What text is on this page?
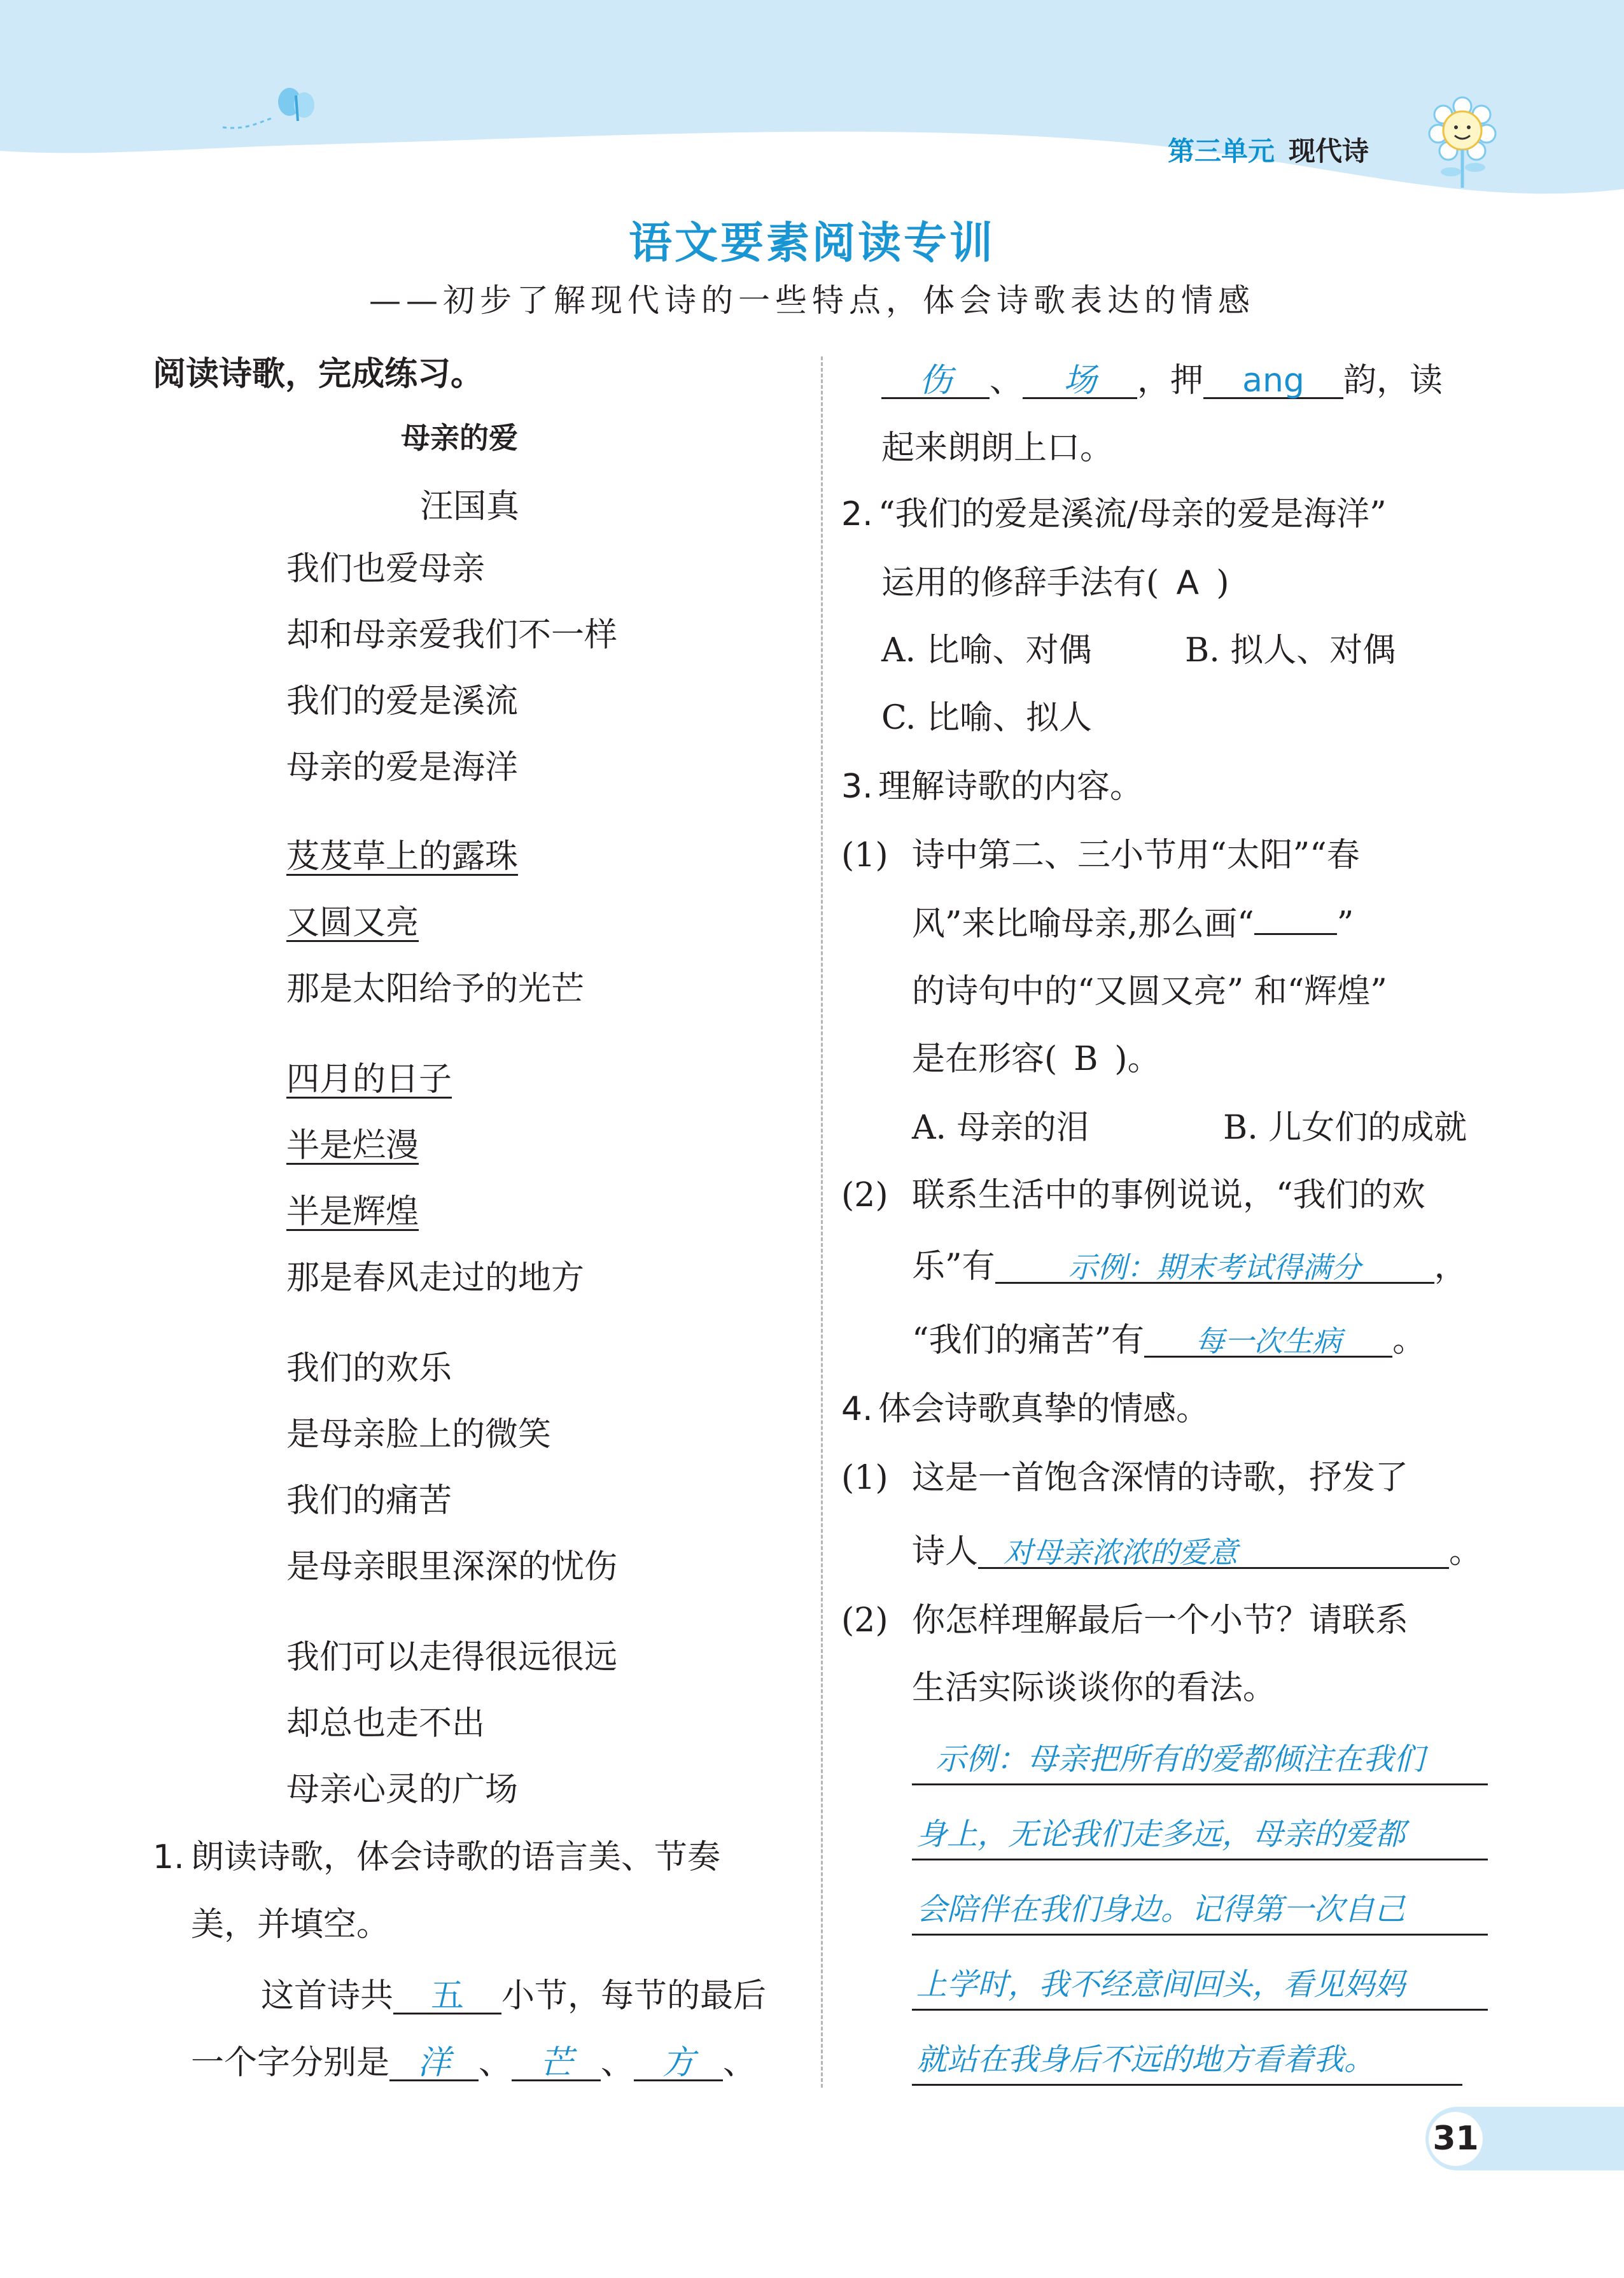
第三单元 现代诗
语文要素阅读专训
——初步了解现代诗的一些特点，体会诗歌表达的情感
阅读诗歌，完成练习。
母亲的爱
汪国真
我们也爱母亲
却和母亲爱我们不一样
我们的爱是溪流
母亲的爱是海洋
芨芨草上的露珠
又圆又亮
那是太阳给予的光芒
四月的日子
半是烂漫
半是辉煌
那是春风走过的地方
我们的欢乐
是母亲脸上的微笑
我们的痛苦
是母亲眼里深深的忧伤
我们可以走得很远很远
却总也走不出
母亲心灵的广场
1. 朗读诗歌，体会诗歌的语言美、节奏
美，并填空。
这首诗共 五 小节，每节的最后
一个字分别是 洋 、 芒 、 方 、
伤 、 场 ，押 ang 韵，读
起来朗朗上口。
2. “我们的爱是溪流/母亲的爱是海洋”
运用的修辞手法有( A )
A. 比喻、对偶	B. 拟人、对偶
C. 比喻、拟人
3. 理解诗歌的内容。
(1) 诗中第二、三小节用“太阳”“春
风”来比喻母亲,那么画“	”
的诗句中的“又圆又亮” 和“辉煌”
是在形容( B )。
A. 母亲的泪	B. 儿女们的成就
(2) 联系生活中的事例说说，“我们的欢
乐”有	示例：期末考试得满分 ，
“我们的痛苦”有 每一次生病 。
4. 体会诗歌真挚的情感。
(1) 这是一首饱含深情的诗歌，抒发了
诗人 对母亲浓浓的爱意	。
(2) 你怎样理解最后一个小节？请联系
生活实际谈谈你的看法。
示例：母亲把所有的爱都倾注在我们
身上，无论我们走多远，母亲的爱都
会陪伴在我们身边。记得第一次自己
上学时，我不经意间回头，看见妈妈
就站在我身后不远的地方看着我。
31
